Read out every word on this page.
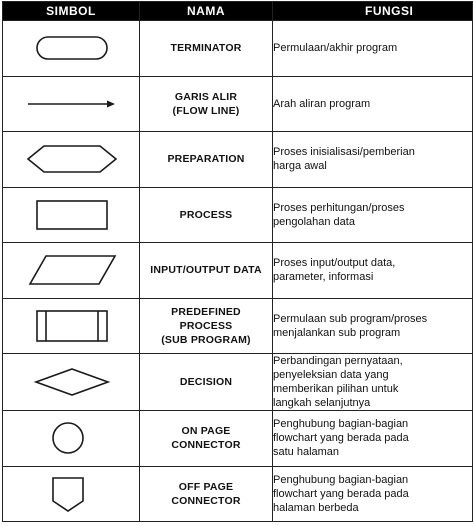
SIMBOL	NAMA	FUNGSI

TERMINATOR	Permulaan/akhir program

GARIS ALIR
(FLOW LINE)	Arah aliran program

PREPARATION	Proses inisialisasi/pemberian
harga awal

PROCESS	Proses perhitungan/proses
pengolahan data

INPUT/OUTPUT DATA	Proses input/output data,
parameter, informasi

PREDEFINED
PROCESS
(SUB PROGRAM)	Permulaan sub program/proses
menjalankan sub program

DECISION	Perbandingan pernyataan,
penyeleksian data yang
memberikan pilihan untuk
langkah selanjutnya

ON PAGE
CONNECTOR	Penghubung bagian-bagian
flowchart yang berada pada
satu halaman

OFF PAGE
CONNECTOR	Penghubung bagian-bagian
flowchart yang berada pada
halaman berbeda
